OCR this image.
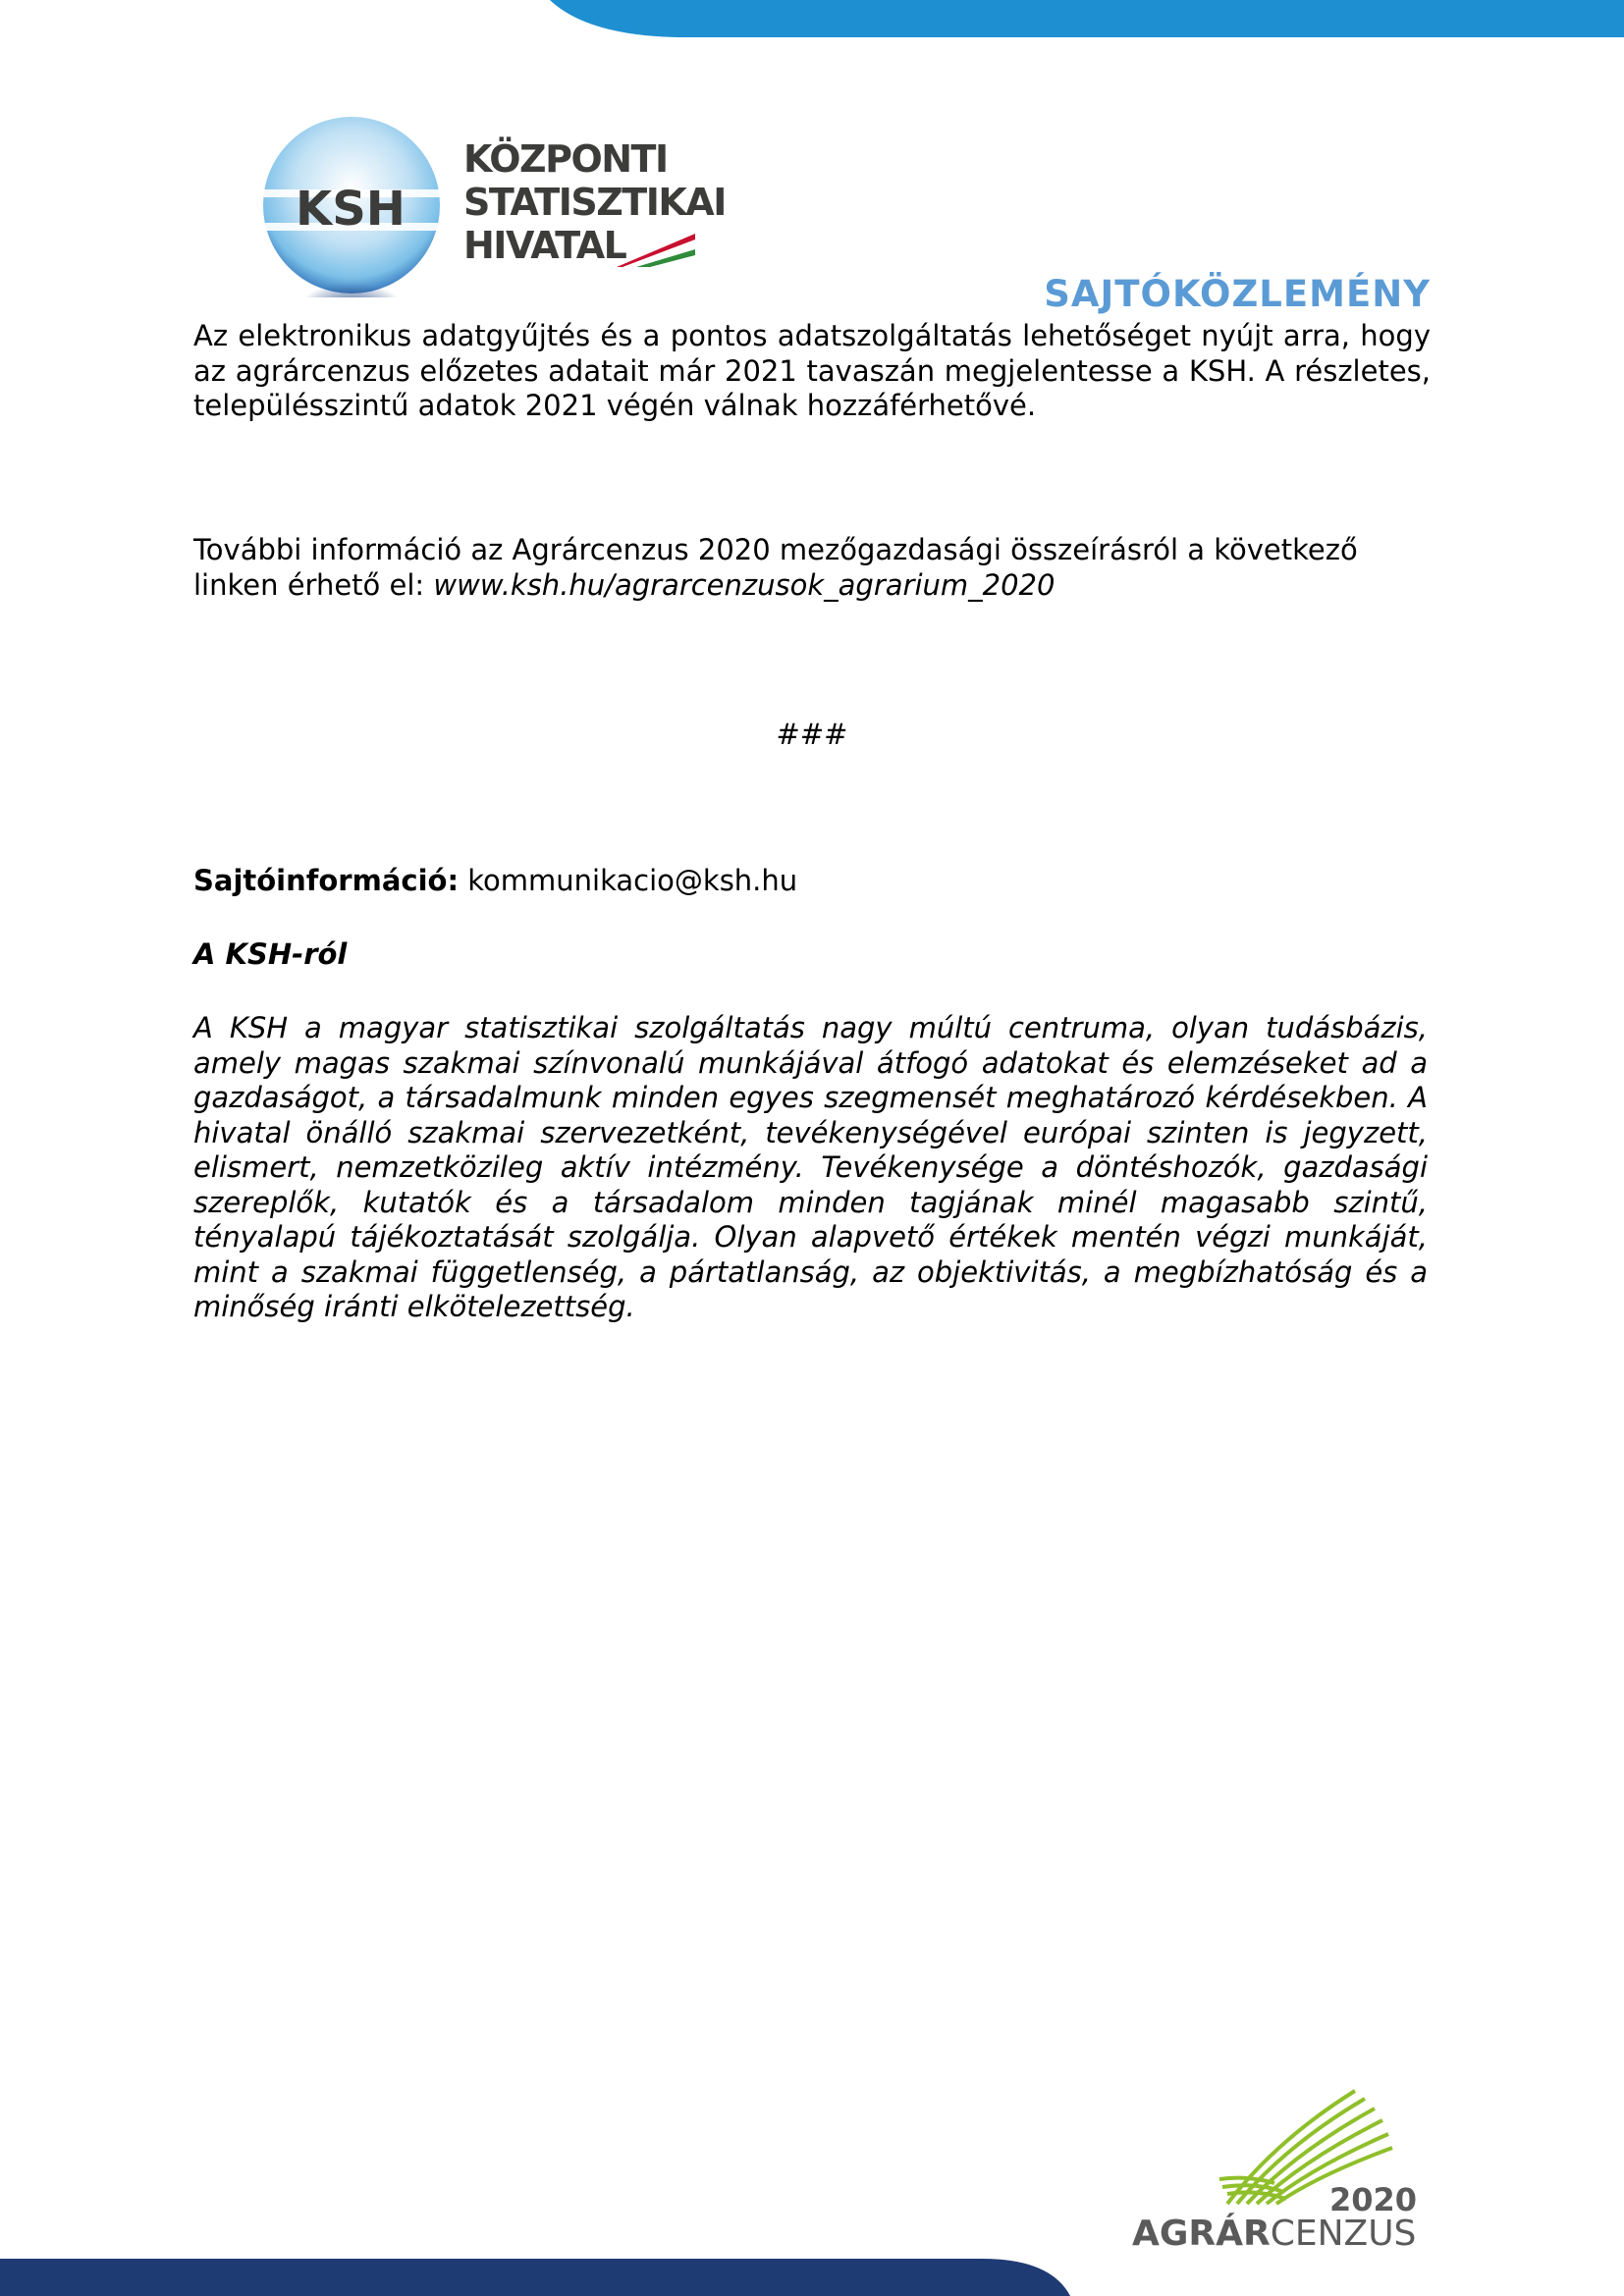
KSH
KÖZPONTI
STATISZTIKAI
HIVATAL
SAJTÓKÖZLEMÉNY
Az elektronikus adatgyűjtés és a pontos adatszolgáltatás lehetőséget nyújt arra, hogy az agrárcenzus előzetes adatait már 2021 tavaszán megjelentesse a KSH. A részletes, településszintű adatok 2021 végén válnak hozzáférhetővé.
További információ az Agrárcenzus 2020 mezőgazdasági összeírásról a következő linken érhető el: www.ksh.hu/agrarcenzusok_agrarium_2020
###
Sajtóinformáció: kommunikacio@ksh.hu
A KSH-ról
A KSH a magyar statisztikai szolgáltatás nagy múltú centruma, olyan tudásbázis, amely magas szakmai színvonalú munkájával átfogó adatokat és elemzéseket ad a gazdaságot, a társadalmunk minden egyes szegmensét meghatározó kérdésekben. A hivatal önálló szakmai szervezetként, tevékenységével európai szinten is jegyzett, elismert, nemzetközileg aktív intézmény. Tevékenysége a döntéshozók, gazdasági szereplők, kutatók és a társadalom minden tagjának minél magasabb szintű, tényalapú tájékoztatását szolgálja. Olyan alapvető értékek mentén végzi munkáját, mint a szakmai függetlenség, a pártatlanság, az objektivitás, a megbízhatóság és a minőség iránti elkötelezettség.
2020
AGRÁRCENZUS
